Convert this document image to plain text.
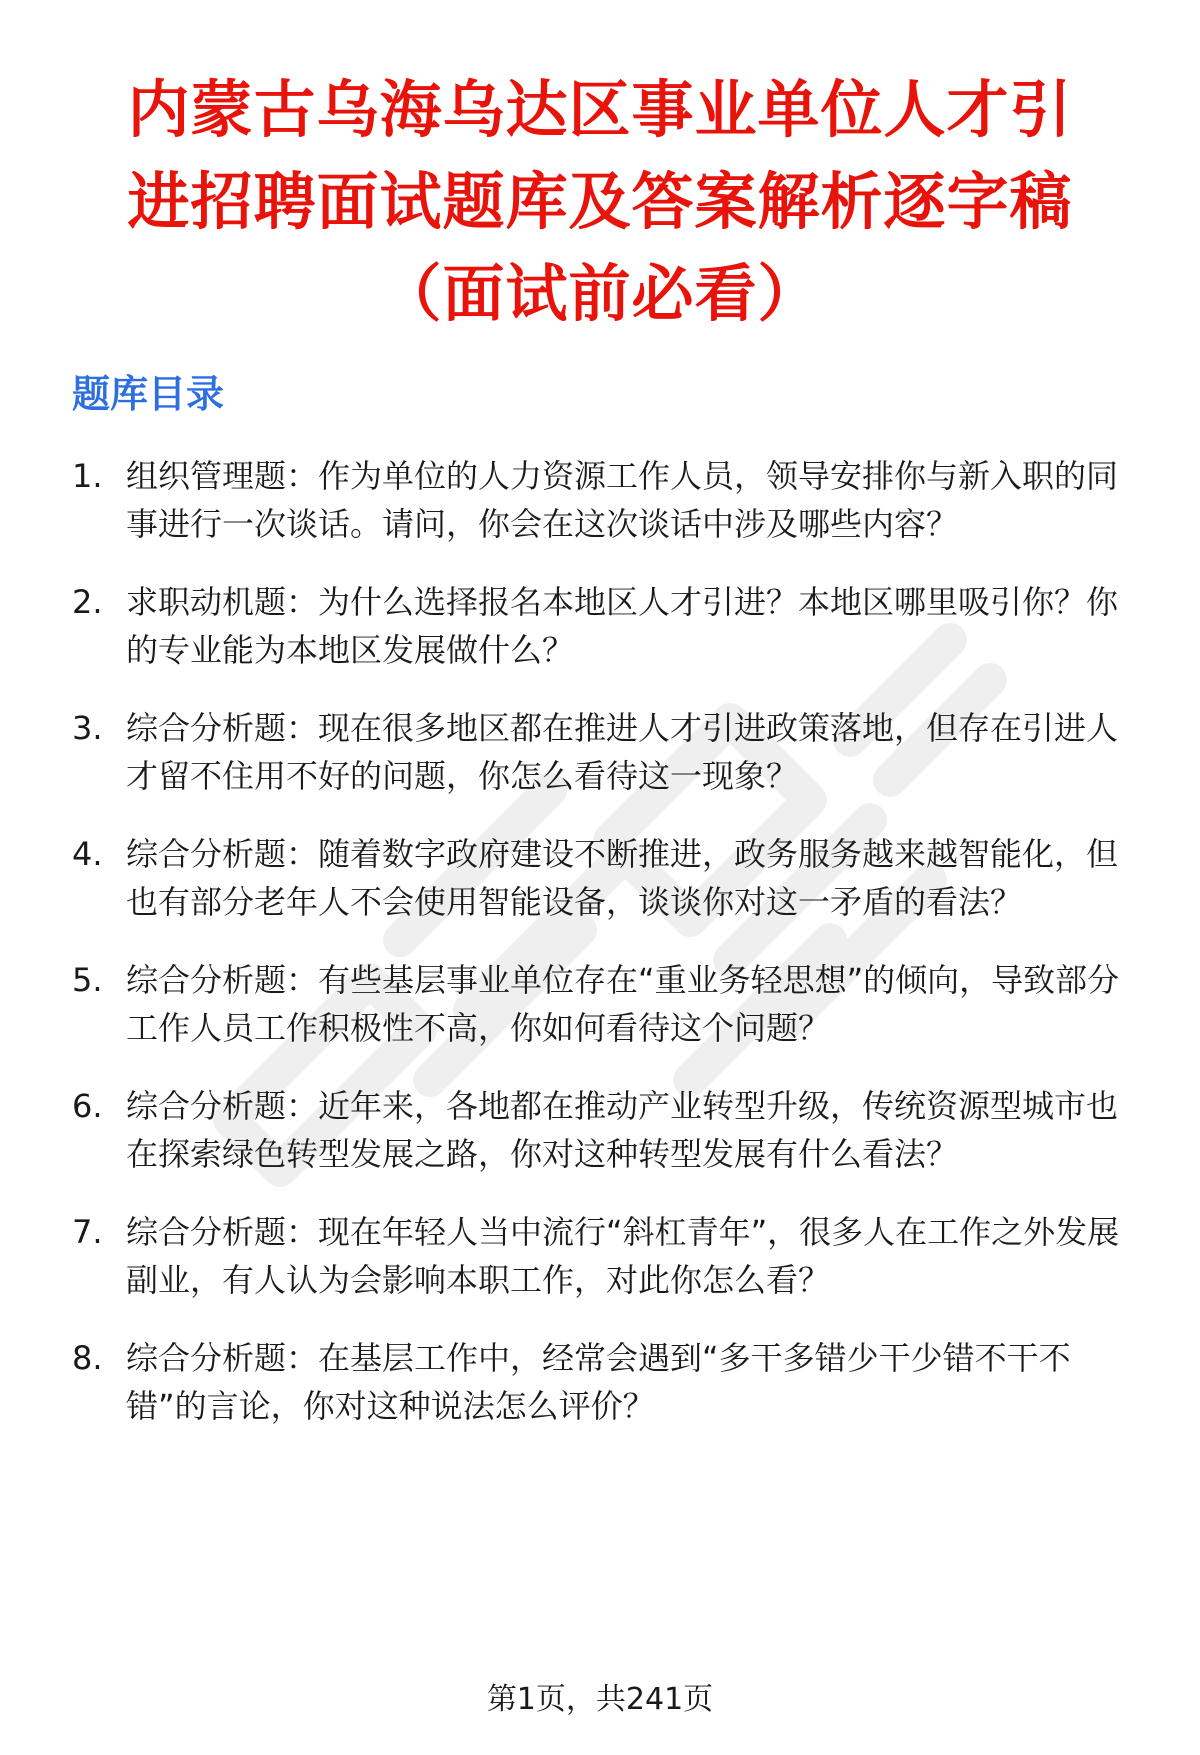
内蒙古乌海乌达区事业单位人才引
进招聘面试题库及答案解析逐字稿
（面试前必看）
题库目录
1. 组织管理题：作为单位的人力资源工作人员，领导安排你与新入职的同事进行一次谈话。请问，你会在这次谈话中涉及哪些内容？
2. 求职动机题：为什么选择报名本地区人才引进？本地区哪里吸引你？你的专业能为本地区发展做什么？
3. 综合分析题：现在很多地区都在推进人才引进政策落地，但存在引进人才留不住用不好的问题，你怎么看待这一现象？
4. 综合分析题：随着数字政府建设不断推进，政务服务越来越智能化，但也有部分老年人不会使用智能设备，谈谈你对这一矛盾的看法？
5. 综合分析题：有些基层事业单位存在“重业务轻思想”的倾向，导致部分工作人员工作积极性不高，你如何看待这个问题？
6. 综合分析题：近年来，各地都在推动产业转型升级，传统资源型城市也在探索绿色转型发展之路，你对这种转型发展有什么看法？
7. 综合分析题：现在年轻人当中流行“斜杠青年”，很多人在工作之外发展副业，有人认为会影响本职工作，对此你怎么看？
8. 综合分析题：在基层工作中，经常会遇到“多干多错少干少错不干不错”的言论，你对这种说法怎么评价？
第1页，共241页
